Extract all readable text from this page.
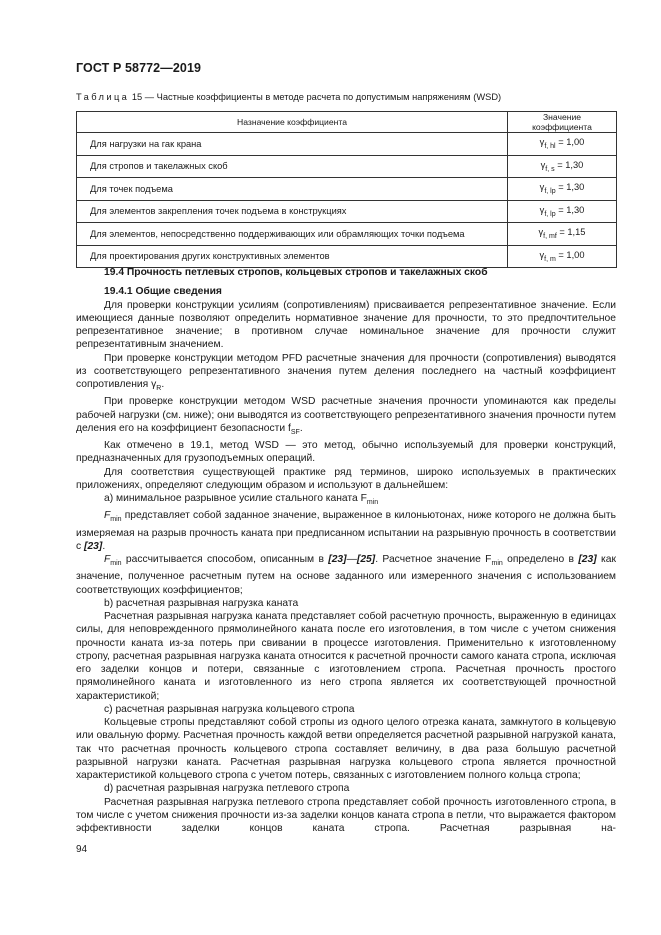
ГОСТ Р 58772—2019
Таблица 15 — Частные коэффициенты в методе расчета по допустимым напряжениям (WSD)
Назначение коэффициента	Значение коэффициента
Для нагрузки на гак крана	$\gamma_{f, hl} = 1,00$
Для стропов и такелажных скоб	$\gamma_{f, s} = 1,30$
Для точек подъема	$\gamma_{f, lp} = 1,30$
Для элементов закрепления точек подъема в конструкциях	$\gamma_{f, lp} = 1,30$
Для элементов, непосредственно поддерживающих или обрамляющих точки подъема	$\gamma_{f, mf} = 1,15$
Для проектирования других конструктивных элементов	$\gamma_{f, m} = 1,00$

19.4 Прочность петлевых стропов, кольцевых стропов и такелажных скоб

19.4.1 Общие сведения

Для проверки конструкции усилиям (сопротивлениям) присваивается репрезентативное значение. Если имеющиеся данные позволяют определить нормативное значение для прочности, то это предпочтительное репрезентативное значение; в противном случае номинальное значение для прочности служит репрезентативным значением.

При проверке конструкции методом PFD расчетные значения для прочности (сопротивления) выводятся из соответствующего репрезентативного значения путем деления последнего на частный коэффициент сопротивления $\gamma_R$.

При проверке конструкции методом WSD расчетные значения прочности упоминаются как пределы рабочей нагрузки (см. ниже); они выводятся из соответствующего репрезентативного значения прочности путем деления его на коэффициент безопасности $f_{SF}$.

Как отмечено в 19.1, метод WSD — это метод, обычно используемый для проверки конструкций, предназначенных для грузоподъемных операций.

Для соответствия существующей практике ряд терминов, широко используемых в практических приложениях, определяют следующим образом и используют в дальнейшем:

а) минимальное разрывное усилие стального каната $F_{min}$

$F_{min}$ представляет собой заданное значение, выраженное в килоньютонах, ниже которого не должна быть измеряемая на разрыв прочность каната при предписанном испытании на разрывную прочность в соответствии с [23].

$F_{min}$ рассчитывается способом, описанным в [23]—[25]. Расчетное значение $F_{min}$ определено в [23] как значение, полученное расчетным путем на основе заданного или измеренного значения с использованием соответствующих коэффициентов;

b) расчетная разрывная нагрузка каната

Расчетная разрывная нагрузка каната представляет собой расчетную прочность, выраженную в единицах силы, для неповрежденного прямолинейного каната после его изготовления, в том числе с учетом снижения прочности каната из-за потерь при свивании в процессе изготовления. Применительно к изготовленному стропу, расчетная разрывная нагрузка каната относится к расчетной прочности самого каната стропа, исключая его заделки концов и потери, связанные с изготовлением стропа. Расчетная прочность простого прямолинейного каната и изготовленного из него стропа является их соответствующей прочностной характеристикой;

c) расчетная разрывная нагрузка кольцевого стропа

Кольцевые стропы представляют собой стропы из одного целого отрезка каната, замкнутого в кольцевую или овальную форму. Расчетная прочность каждой ветви определяется расчетной разрывной нагрузкой каната, так что расчетная прочность кольцевого стропа составляет величину, в два раза большую расчетной разрывной нагрузки каната. Расчетная разрывная нагрузка кольцевого стропа является прочностной характеристикой кольцевого стропа с учетом потерь, связанных с изготовлением полного кольца стропа;

d) расчетная разрывная нагрузка петлевого стропа

Расчетная разрывная нагрузка петлевого стропа представляет собой прочность изготовленного стропа, в том числе с учетом снижения прочности из-за заделки концов каната стропа в петли, что выражается фактором эффективности заделки концов каната стропа. Расчетная разрывная на-

94
